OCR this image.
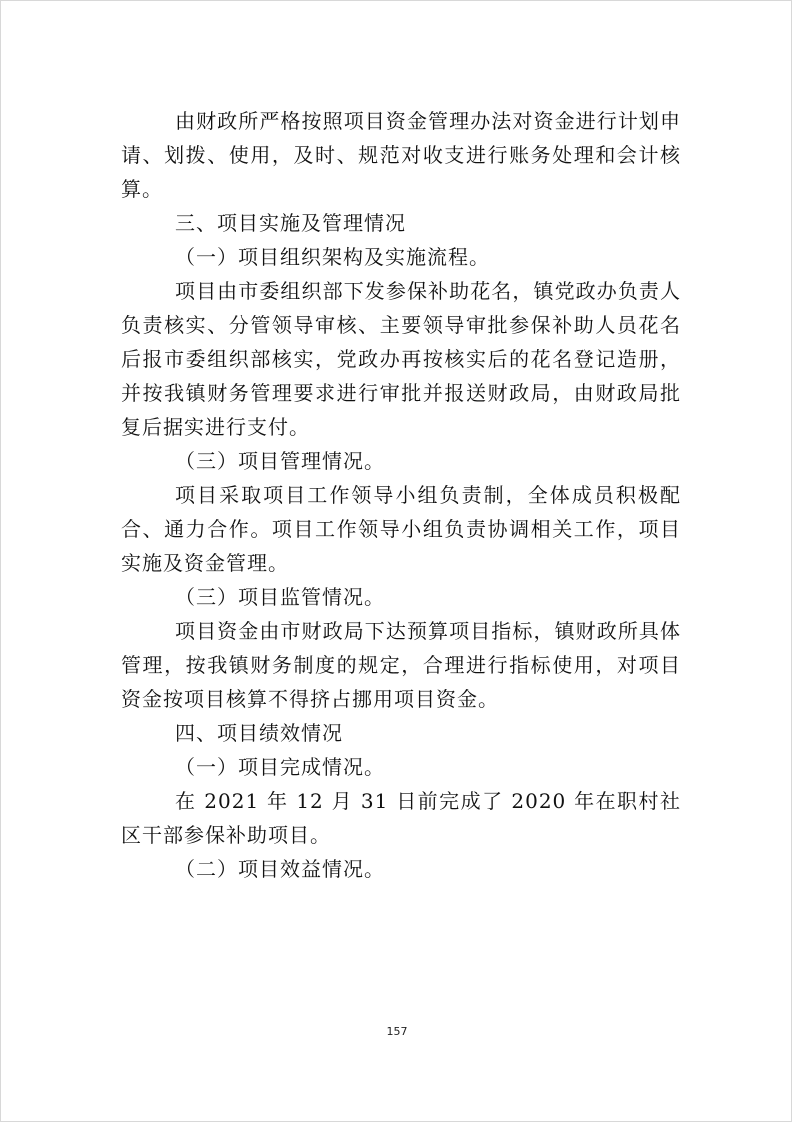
由财政所严格按照项目资金管理办法对资金进行计划申请、划拨、使用，及时、规范对收支进行账务处理和会计核算。

三、项目实施及管理情况

（一）项目组织架构及实施流程。

项目由市委组织部下发参保补助花名，镇党政办负责人负责核实、分管领导审核、主要领导审批参保补助人员花名后报市委组织部核实，党政办再按核实后的花名登记造册，并按我镇财务管理要求进行审批并报送财政局，由财政局批复后据实进行支付。

（三）项目管理情况。

项目采取项目工作领导小组负责制，全体成员积极配合、通力合作。项目工作领导小组负责协调相关工作，项目实施及资金管理。

（三）项目监管情况。

项目资金由市财政局下达预算项目指标，镇财政所具体管理，按我镇财务制度的规定，合理进行指标使用，对项目资金按项目核算不得挤占挪用项目资金。

四、项目绩效情况

（一）项目完成情况。

在 2021 年 12 月 31 日前完成了 2020 年在职村社区干部参保补助项目。

（二）项目效益情况。

157
